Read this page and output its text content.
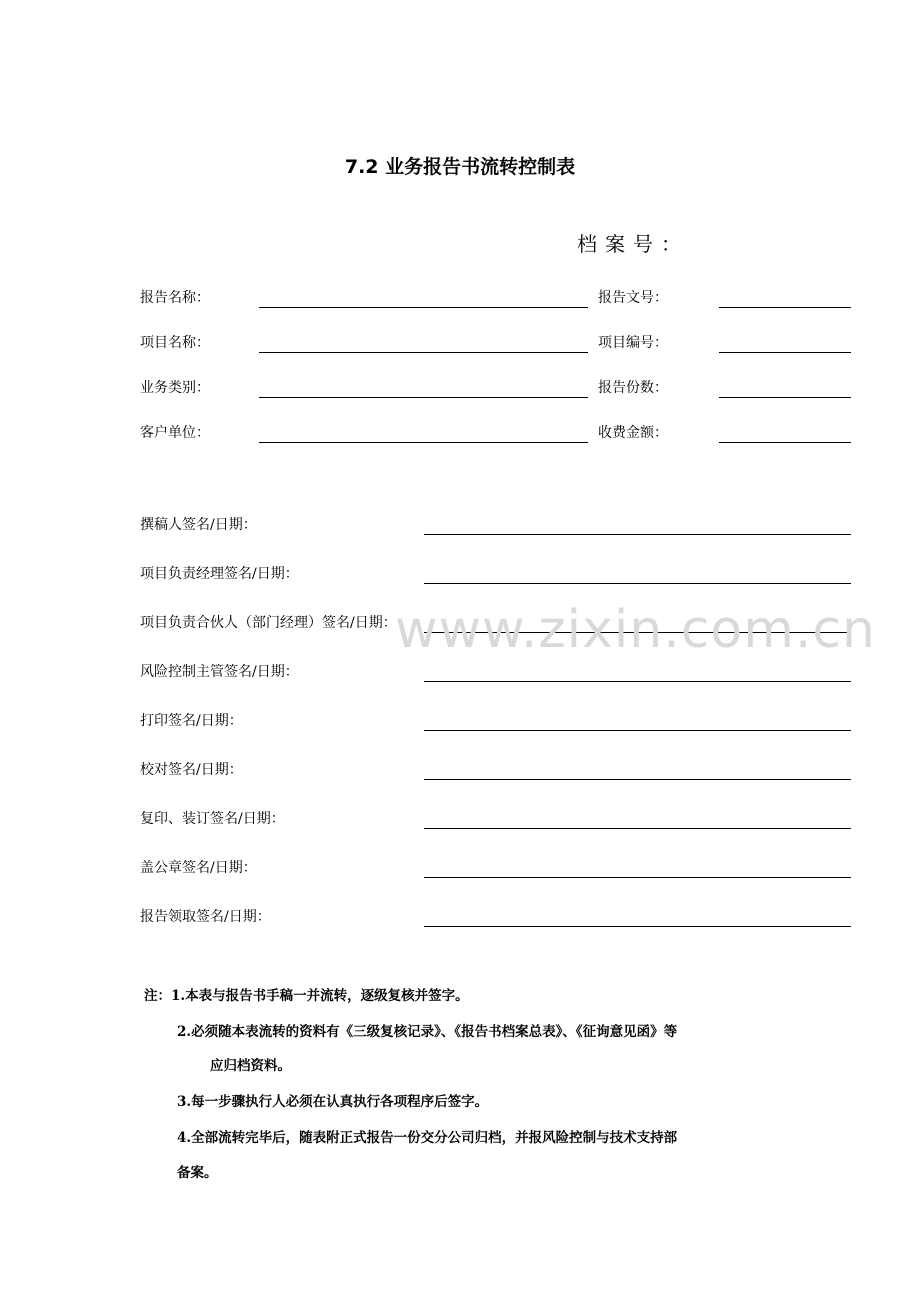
7.2 业务报告书流转控制表
档案号：
报告名称：	报告文号：
项目名称：	项目编号：
业务类别：	报告份数：
客户单位：	收费金额：
撰稿人签名/日期：
项目负责经理签名/日期：
项目负责合伙人（部门经理）签名/日期：
风险控制主管签名/日期：
打印签名/日期：
校对签名/日期：
复印、装订签名/日期：
盖公章签名/日期：
报告领取签名/日期：
注：1.本表与报告书手稿一并流转，逐级复核并签字。
2.必须随本表流转的资料有《三级复核记录》、《报告书档案总表》、《征询意见函》等
应归档资料。
3.每一步骤执行人必须在认真执行各项程序后签字。
4.全部流转完毕后，随表附正式报告一份交分公司归档，并报风险控制与技术支持部
备案。
www.zixin.com.cn
